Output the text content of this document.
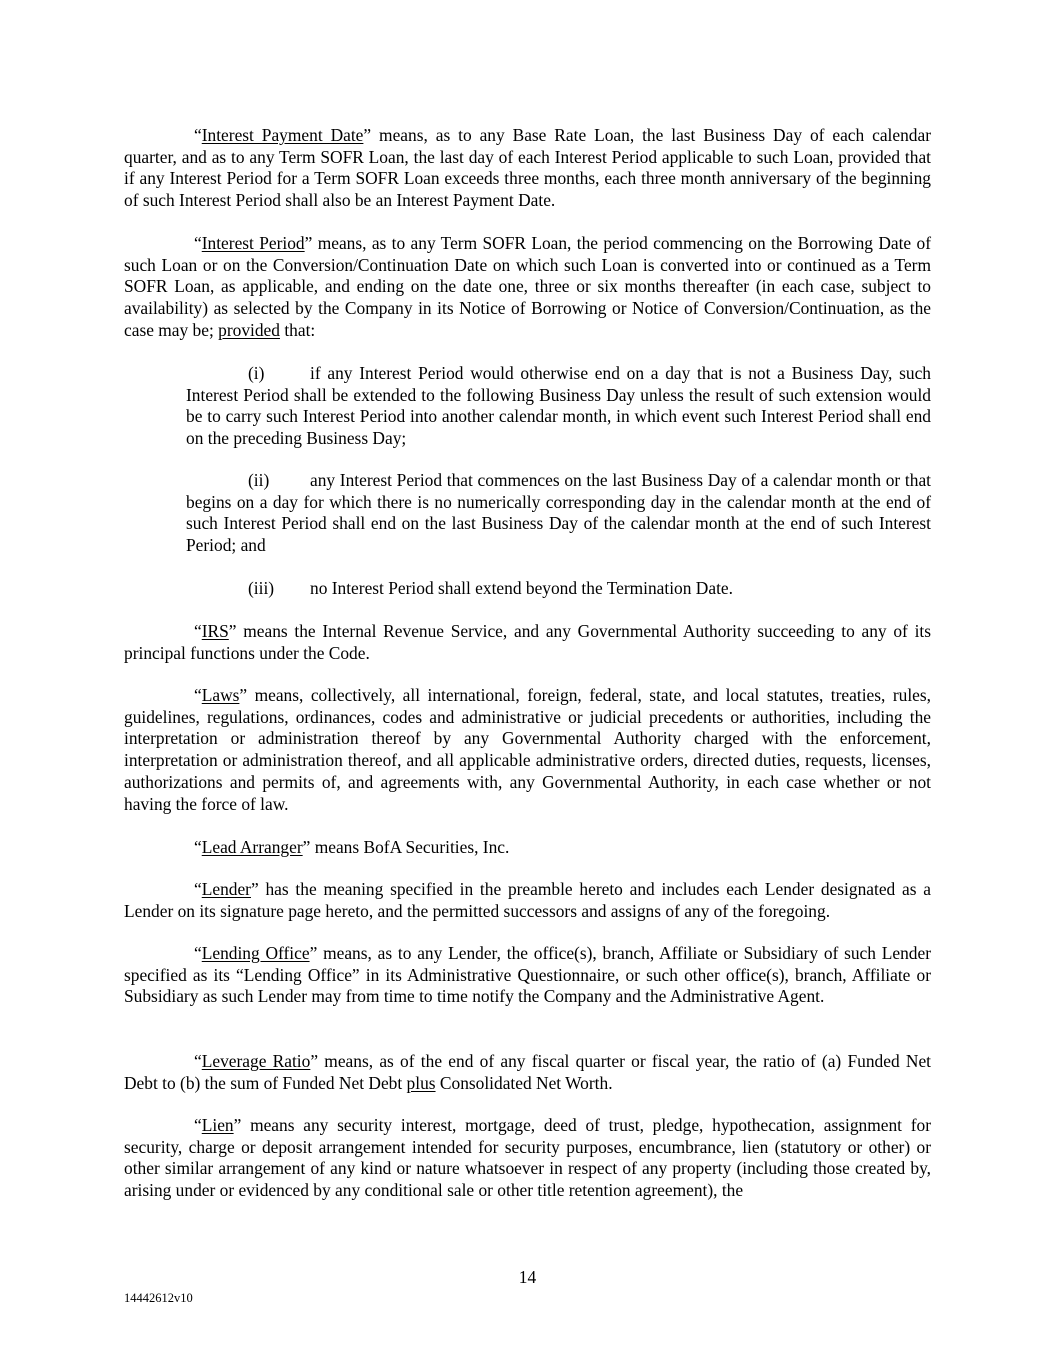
“Interest Payment Date” means, as to any Base Rate Loan, the last Business Day of each calendar quarter, and as to any Term SOFR Loan, the last day of each Interest Period applicable to such Loan, provided that if any Interest Period for a Term SOFR Loan exceeds three months, each three month anniversary of the beginning of such Interest Period shall also be an Interest Payment Date.

“Interest Period” means, as to any Term SOFR Loan, the period commencing on the Borrowing Date of such Loan or on the Conversion/Continuation Date on which such Loan is converted into or continued as a Term SOFR Loan, as applicable, and ending on the date one, three or six months thereafter (in each case, subject to availability) as selected by the Company in its Notice of Borrowing or Notice of Conversion/Continuation, as the case may be; provided that:

(i)	if any Interest Period would otherwise end on a day that is not a Business Day, such Interest Period shall be extended to the following Business Day unless the result of such extension would be to carry such Interest Period into another calendar month, in which event such Interest Period shall end on the preceding Business Day;

(ii) any Interest Period that commences on the last Business Day of a calendar month or that begins on a day for which there is no numerically corresponding day in the calendar month at the end of such Interest Period shall end on the last Business Day of the calendar month at the end of such Interest Period; and

(iii) no Interest Period shall extend beyond the Termination Date.

“IRS” means the Internal Revenue Service, and any Governmental Authority succeeding to any of its principal functions under the Code.

“Laws” means, collectively, all international, foreign, federal, state, and local statutes, treaties, rules, guidelines, regulations, ordinances, codes and administrative or judicial precedents or authorities, including the interpretation or administration thereof by any Governmental Authority charged with the enforcement, interpretation or administration thereof, and all applicable administrative orders, directed duties, requests, licenses, authorizations and permits of, and agreements with, any Governmental Authority, in each case whether or not having the force of law.

“Lead Arranger” means BofA Securities, Inc.

“Lender” has the meaning specified in the preamble hereto and includes each Lender designated as a Lender on its signature page hereto, and the permitted successors and assigns of any of the foregoing.

“Lending Office” means, as to any Lender, the office(s), branch, Affiliate or Subsidiary of such Lender specified as its “Lending Office” in its Administrative Questionnaire, or such other office(s), branch, Affiliate or Subsidiary as such Lender may from time to time notify the Company and the Administrative Agent.

“Leverage Ratio” means, as of the end of any fiscal quarter or fiscal year, the ratio of (a) Funded Net Debt to (b) the sum of Funded Net Debt plus Consolidated Net Worth.

“Lien” means any security interest, mortgage, deed of trust, pledge, hypothecation, assignment for security, charge or deposit arrangement intended for security purposes, encumbrance, lien (statutory or other) or other similar arrangement of any kind or nature whatsoever in respect of any property (including those created by, arising under or evidenced by any conditional sale or other title retention agreement), the

14
14442612v10
